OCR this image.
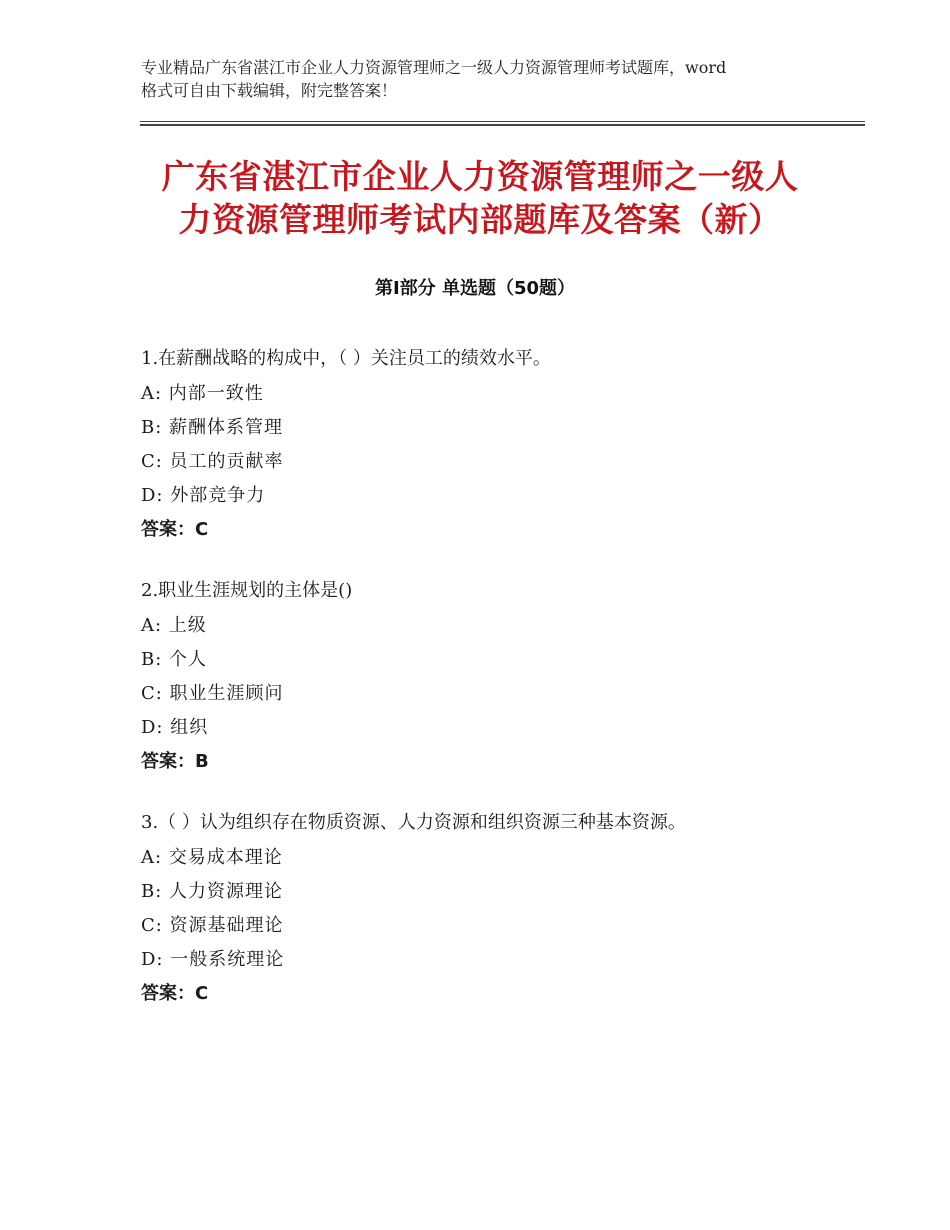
专业精品广东省湛江市企业人力资源管理师之一级人力资源管理师考试题库，word
格式可自由下载编辑，附完整答案！
广东省湛江市企业人力资源管理师之一级人
力资源管理师考试内部题库及答案（新）
第Ⅰ部分 单选题（50题）
1.在薪酬战略的构成中，（ ）关注员工的绩效水平。
A: 内部一致性
B: 薪酬体系管理
C: 员工的贡献率
D: 外部竞争力
答案：C
2.职业生涯规划的主体是()
A: 上级
B: 个人
C: 职业生涯顾问
D: 组织
答案：B
3.（ ）认为组织存在物质资源、人力资源和组织资源三种基本资源。
A: 交易成本理论
B: 人力资源理论
C: 资源基础理论
D: 一般系统理论
答案：C
